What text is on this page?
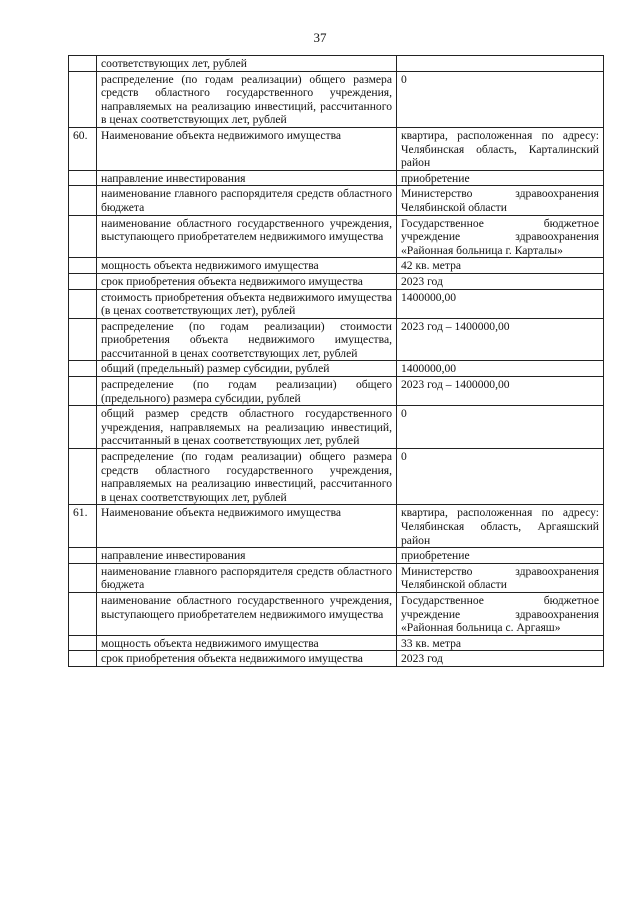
37
	соответствующих лет, рублей	
	распределение (по годам реализации) общего размера средств областного государственного учреждения, направляемых на реализацию инвестиций, рассчитанного в ценах соответствующих лет, рублей	0
60.	Наименование объекта недвижимого имущества	квартира, расположенная по адресу: Челябинская область, Карталинский район
	направление инвестирования	приобретение
	наименование главного распорядителя средств областного бюджета	Министерство здравоохранения Челябинской области
	наименование областного государственного учреждения, выступающего приобретателем недвижимого имущества	Государственное бюджетное учреждение здравоохранения «Районная больница г. Карталы»
	мощность объекта недвижимого имущества	42 кв. метра
	срок приобретения объекта недвижимого имущества	2023 год
	стоимость приобретения объекта недвижимого имущества (в ценах соответствующих лет), рублей	1400000,00
	распределение (по годам реализации) стоимости приобретения объекта недвижимого имущества, рассчитанной в ценах соответствующих лет, рублей	2023 год – 1400000,00
	общий (предельный) размер субсидии, рублей	1400000,00
	распределение (по годам реализации) общего (предельного) размера субсидии, рублей	2023 год – 1400000,00
	общий размер средств областного государственного учреждения, направляемых на реализацию инвестиций, рассчитанный в ценах соответствующих лет, рублей	0
	распределение (по годам реализации) общего размера средств областного государственного учреждения, направляемых на реализацию инвестиций, рассчитанного в ценах соответствующих лет, рублей	0
61.	Наименование объекта недвижимого имущества	квартира, расположенная по адресу: Челябинская область, Аргаяшский район
	направление инвестирования	приобретение
	наименование главного распорядителя средств областного бюджета	Министерство здравоохранения Челябинской области
	наименование областного государственного учреждения, выступающего приобретателем недвижимого имущества	Государственное бюджетное учреждение здравоохранения «Районная больница с. Аргаяш»
	мощность объекта недвижимого имущества	33 кв. метра
	срок приобретения объекта недвижимого имущества	2023 год
